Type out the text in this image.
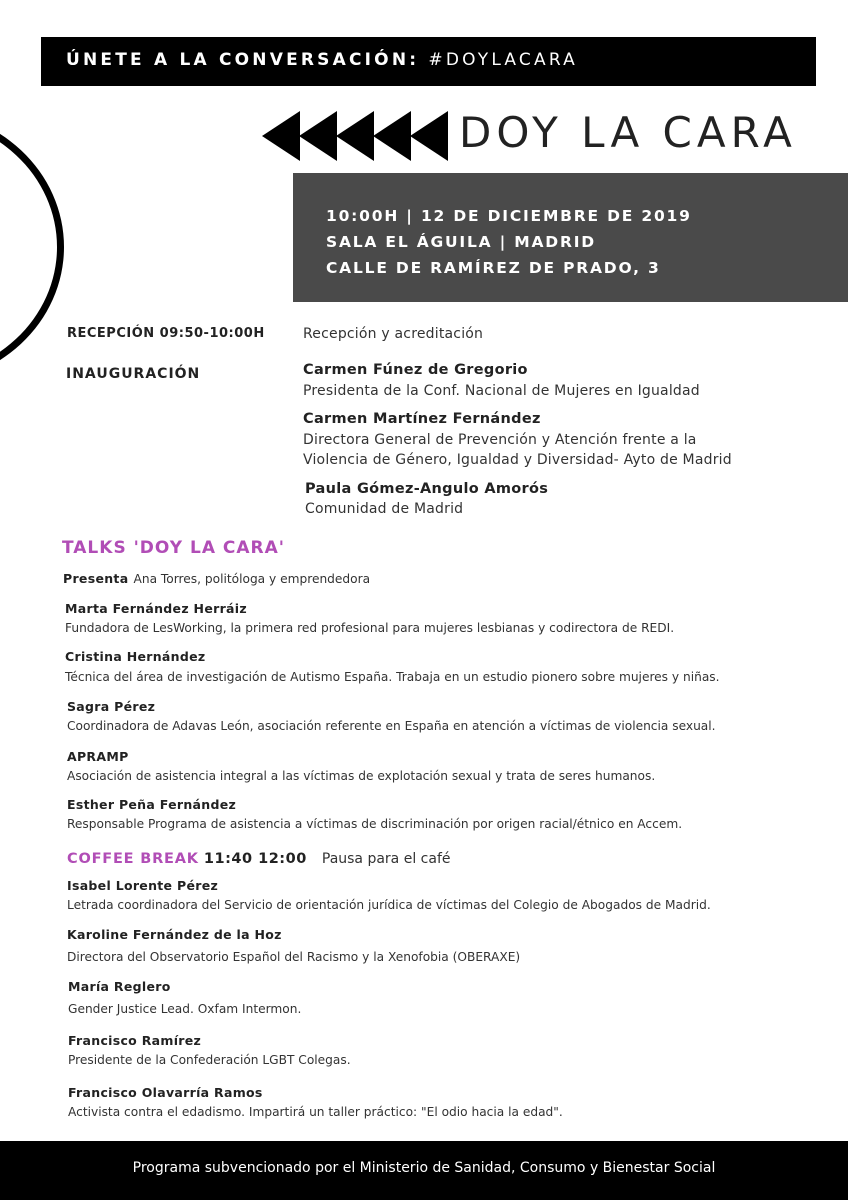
ÚNETE A LA CONVERSACIÓN: #DOYLACARA
DOY LA CARA
10:00H | 12 DE DICIEMBRE DE 2019
SALA EL ÁGUILA | MADRID
CALLE DE RAMÍREZ DE PRADO, 3
RECEPCIÓN 09:50-10:00H	Recepción y acreditación
INAUGURACIÓN	Carmen Fúnez de Gregorio
Presidenta de la Conf. Nacional de Mujeres en Igualdad
Carmen Martínez Fernández
Directora General de Prevención y Atención frente a la
Violencia de Género, Igualdad y Diversidad- Ayto de Madrid
Paula Gómez-Angulo Amorós
Comunidad de Madrid
TALKS 'DOY LA CARA'
Presenta Ana Torres, politóloga y emprendedora
Marta Fernández Herráiz
Fundadora de LesWorking, la primera red profesional para mujeres lesbianas y codirectora de REDI.
Cristina Hernández
Técnica del área de investigación de Autismo España. Trabaja en un estudio pionero sobre mujeres y niñas.
Sagra Pérez
Coordinadora de Adavas León, asociación referente en España en atención a víctimas de violencia sexual.
APRAMP
Asociación de asistencia integral a las víctimas de explotación sexual y trata de seres humanos.
Esther Peña Fernández
Responsable Programa de asistencia a víctimas de discriminación por origen racial/étnico en Accem.
COFFEE BREAK 11:40 12:00 Pausa para el café
Isabel Lorente Pérez
Letrada coordinadora del Servicio de orientación jurídica de víctimas del Colegio de Abogados de Madrid.
Karoline Fernández de la Hoz
Directora del Observatorio Español del Racismo y la Xenofobia (OBERAXE)
María Reglero
Gender Justice Lead. Oxfam Intermon.
Francisco Ramírez
Presidente de la Confederación LGBT Colegas.
Francisco Olavarría Ramos
Activista contra el edadismo. Impartirá un taller práctico: "El odio hacia la edad".
Programa subvencionado por el Ministerio de Sanidad, Consumo y Bienestar Social
